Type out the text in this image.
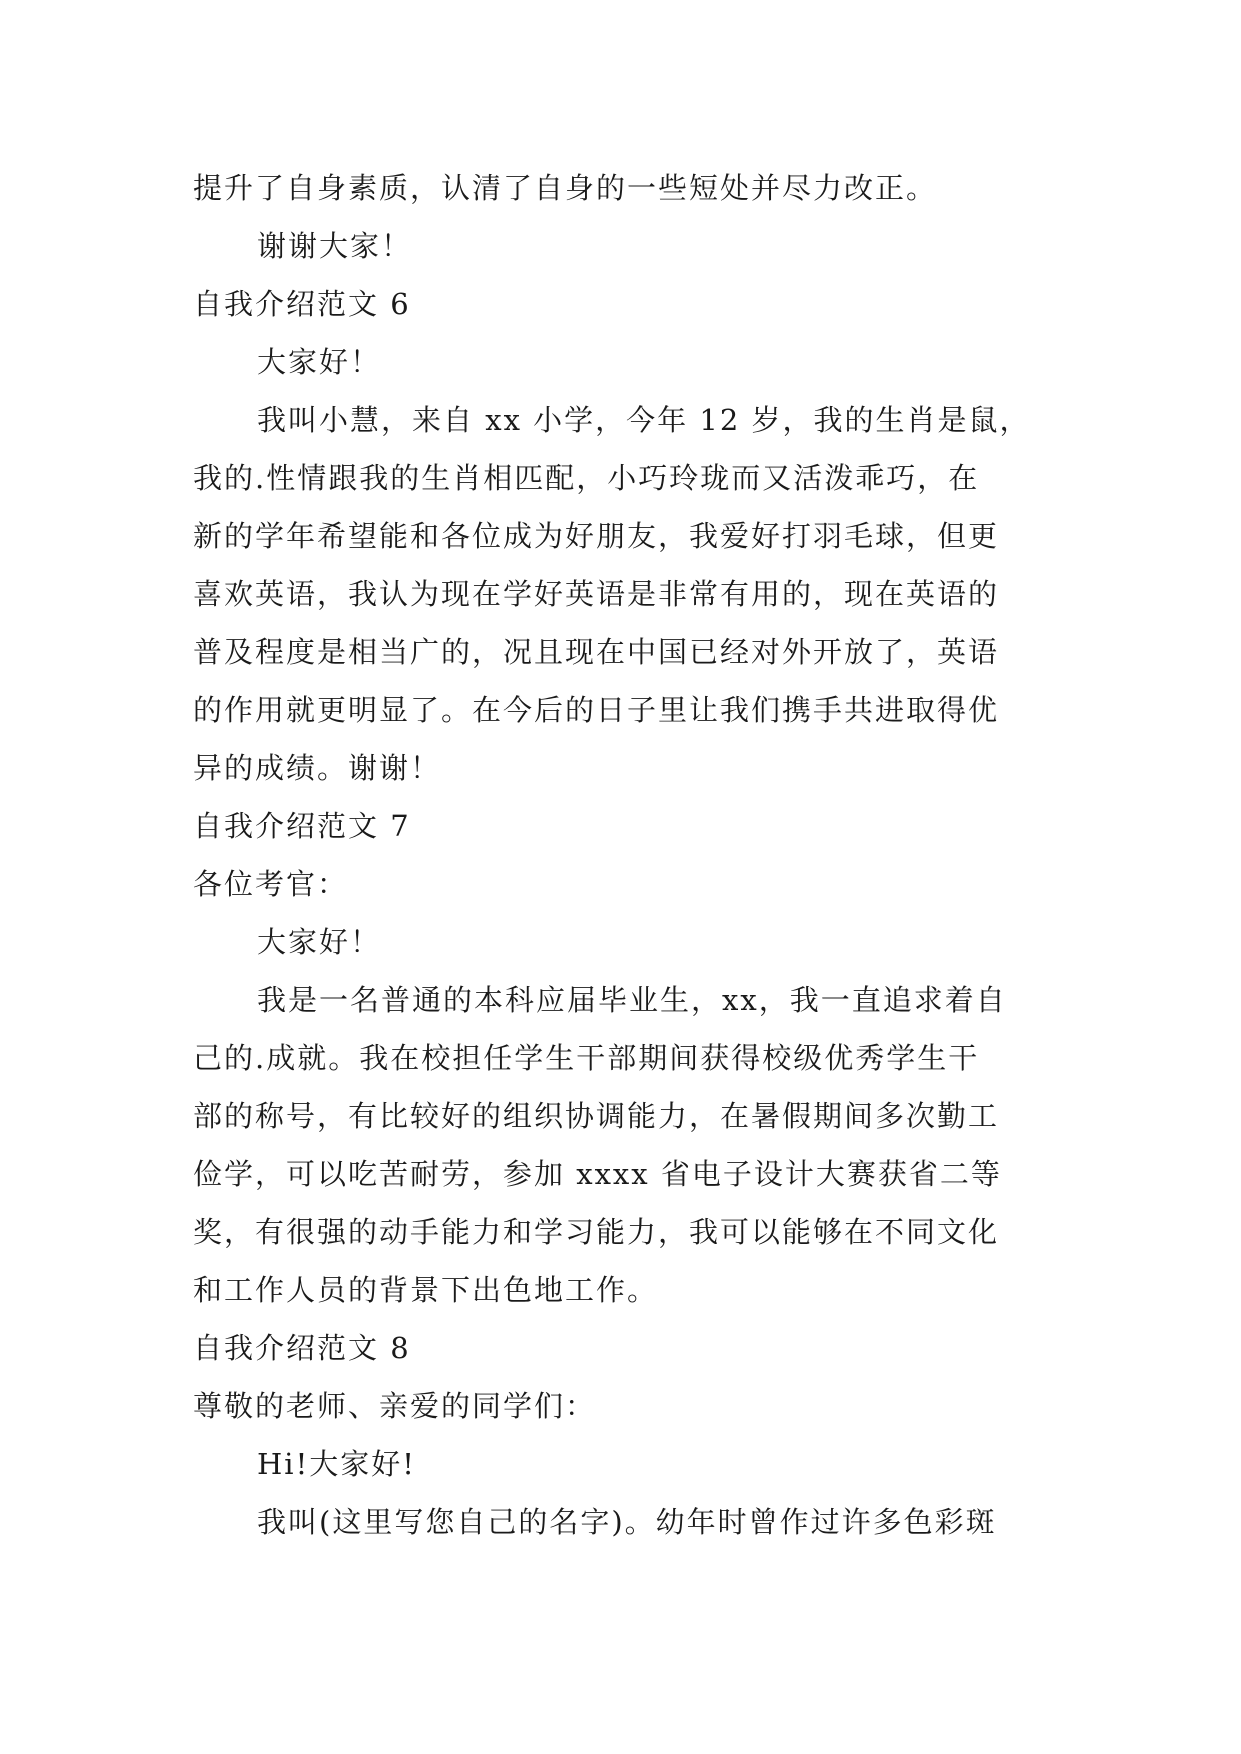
提升了自身素质，认清了自身的一些短处并尽力改正。
谢谢大家！
自我介绍范文 6
大家好！
我叫小慧，来自 xx 小学，今年 12 岁，我的生肖是鼠，
我的.性情跟我的生肖相匹配，小巧玲珑而又活泼乖巧，在
新的学年希望能和各位成为好朋友，我爱好打羽毛球，但更
喜欢英语，我认为现在学好英语是非常有用的，现在英语的
普及程度是相当广的，况且现在中国已经对外开放了，英语
的作用就更明显了。在今后的日子里让我们携手共进取得优
异的成绩。谢谢！
自我介绍范文 7
各位考官：
大家好！
我是一名普通的本科应届毕业生，xx，我一直追求着自
己的.成就。我在校担任学生干部期间获得校级优秀学生干
部的称号，有比较好的组织协调能力，在暑假期间多次勤工
俭学，可以吃苦耐劳，参加 xxxx 省电子设计大赛获省二等
奖，有很强的动手能力和学习能力，我可以能够在不同文化
和工作人员的背景下出色地工作。
自我介绍范文 8
尊敬的老师、亲爱的同学们：
Hi!大家好!
我叫(这里写您自己的名字)。幼年时曾作过许多色彩斑
